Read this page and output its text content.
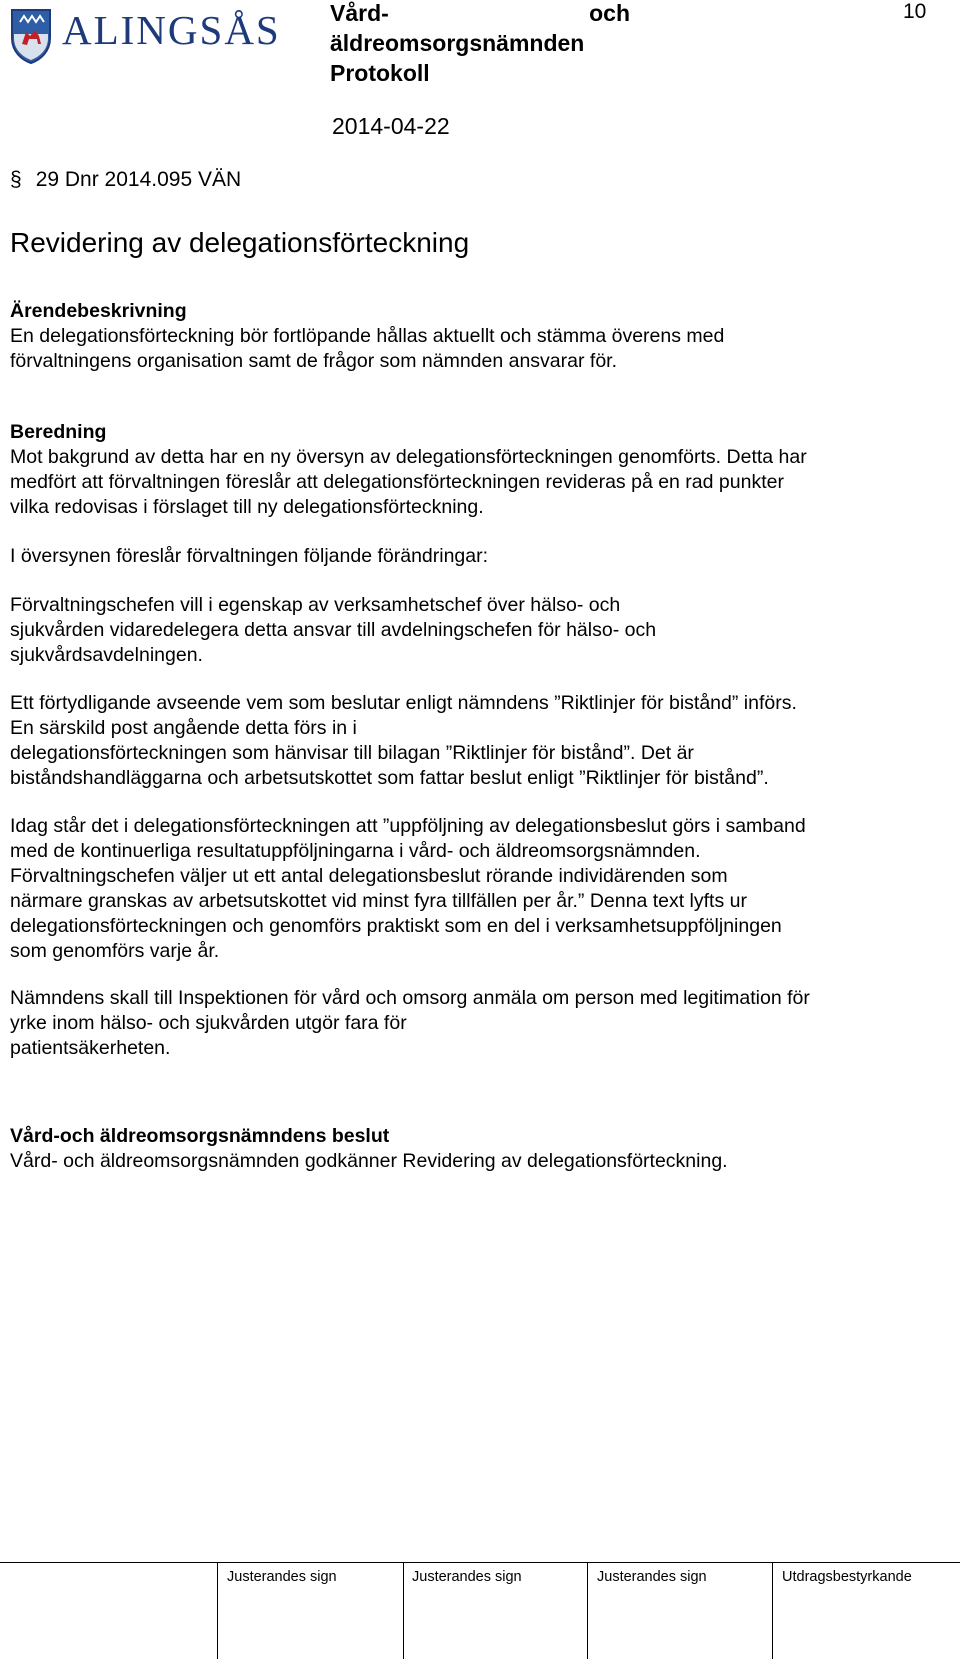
ALINGSÅS Vård-	och
äldreomsorgsnämnden
Protokoll
10
2014-04-22
§ 29 Dnr 2014.095 VÄN
Revidering av delegationsförteckning

Ärendebeskrivning

En delegationsförteckning bör fortlöpande hållas aktuellt och stämma överens med

förvaltningens organisation samt de frågor som nämnden ansvarar för.

Beredning

Mot bakgrund av detta har en ny översyn av delegationsförteckningen genomförts. Detta har

medfört att förvaltningen föreslår att delegationsförteckningen revideras på en rad punkter

vilka redovisas i förslaget till ny delegationsförteckning.

I översynen föreslår förvaltningen följande förändringar:

Förvaltningschefen vill i egenskap av verksamhetschef över hälso- och

sjukvården vidaredelegera detta ansvar till avdelningschefen för hälso- och

sjukvårdsavdelningen.

Ett förtydligande avseende vem som beslutar enligt nämndens ”Riktlinjer för bistånd” införs.

En särskild post angående detta förs in i

delegationsförteckningen som hänvisar till bilagan ”Riktlinjer för bistånd”. Det är

biståndshandläggarna och arbetsutskottet som fattar beslut enligt ”Riktlinjer för bistånd”.

Idag står det i delegationsförteckningen att ”uppföljning av delegationsbeslut görs i samband

med de kontinuerliga resultatuppföljningarna i vård- och äldreomsorgsnämnden.

Förvaltningschefen väljer ut ett antal delegationsbeslut rörande individärenden som

närmare granskas av arbetsutskottet vid minst fyra tillfällen per år.” Denna text lyfts ur

delegationsförteckningen och genomförs praktiskt som en del i verksamhetsuppföljningen

som genomförs varje år.

Nämndens skall till Inspektionen för vård och omsorg anmäla om person med legitimation för

yrke inom hälso- och sjukvården utgör fara för

patientsäkerheten.

Vård-och äldreomsorgsnämndens beslut

Vård- och äldreomsorgsnämnden godkänner Revidering av delegationsförteckning.

Justerandes sign	Justerandes sign	Justerandes sign	Utdragsbestyrkande
